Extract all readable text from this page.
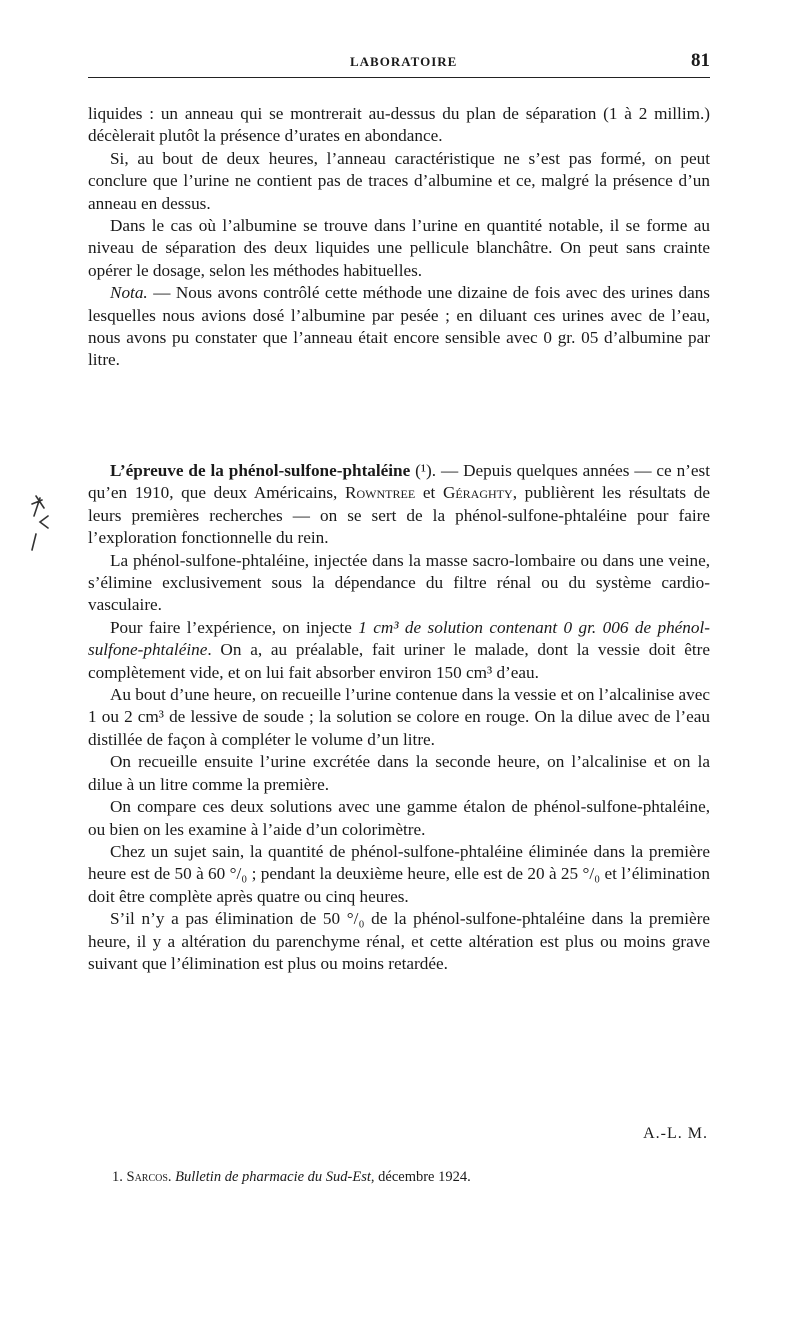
LABORATOIRE	81

liquides : un anneau qui se montrerait au-dessus du plan de séparation (1 à 2 millim.) décèlerait plutôt la présence d’urates en abondance.

Si, au bout de deux heures, l’anneau caractéristique ne s’est pas formé, on peut conclure que l’urine ne contient pas de traces d’albumine et ce, malgré la présence d’un anneau en dessus.

Dans le cas où l’albumine se trouve dans l’urine en quantité notable, il se forme au niveau de séparation des deux liquides une pellicule blanchâtre. On peut sans crainte opérer le dosage, selon les méthodes habituelles.

Nota. — Nous avons contrôlé cette méthode une dizaine de fois avec des urines dans lesquelles nous avions dosé l’albumine par pesée ; en diluant ces urines avec de l’eau, nous avons pu constater que l’anneau était encore sensible avec 0 gr. 05 d’albumine par litre.

L’épreuve de la phénol-sulfone-phtaléine (¹). — Depuis quelques années — ce n’est qu’en 1910, que deux Américains, Rowntree et Géraghty, publièrent les résultats de leurs premières recherches — on se sert de la phénol-sulfone-phtaléine pour faire l’exploration fonctionnelle du rein.

La phénol-sulfone-phtaléine, injectée dans la masse sacro-lombaire ou dans une veine, s’élimine exclusivement sous la dépendance du filtre rénal ou du système cardio-vasculaire.

Pour faire l’expérience, on injecte 1 cm³ de solution contenant 0 gr. 006 de phénol-sulfone-phtaléine. On a, au préalable, fait uriner le malade, dont la vessie doit être complètement vide, et on lui fait absorber environ 150 cm³ d’eau.

Au bout d’une heure, on recueille l’urine contenue dans la vessie et on l’alcalinise avec 1 ou 2 cm³ de lessive de soude ; la solution se colore en rouge. On la dilue avec de l’eau distillée de façon à compléter le volume d’un litre.

On recueille ensuite l’urine excrétée dans la seconde heure, on l’alcalinise et on la dilue à un litre comme la première.

On compare ces deux solutions avec une gamme étalon de phénol-sulfone-phtaléine, ou bien on les examine à l’aide d’un colorimètre.

Chez un sujet sain, la quantité de phénol-sulfone-phtaléine éliminée dans la première heure est de 50 à 60 °/₀ ; pendant la deuxième heure, elle est de 20 à 25 °/₀ et l’élimination doit être complète après quatre ou cinq heures.

S’il n’y a pas élimination de 50 °/₀ de la phénol-sulfone-phtaléine dans la première heure, il y a altération du parenchyme rénal, et cette altération est plus ou moins grave suivant que l’élimination est plus ou moins retardée.

A.-L. M.
1. Sarcos. Bulletin de pharmacie du Sud-Est, décembre 1924.
